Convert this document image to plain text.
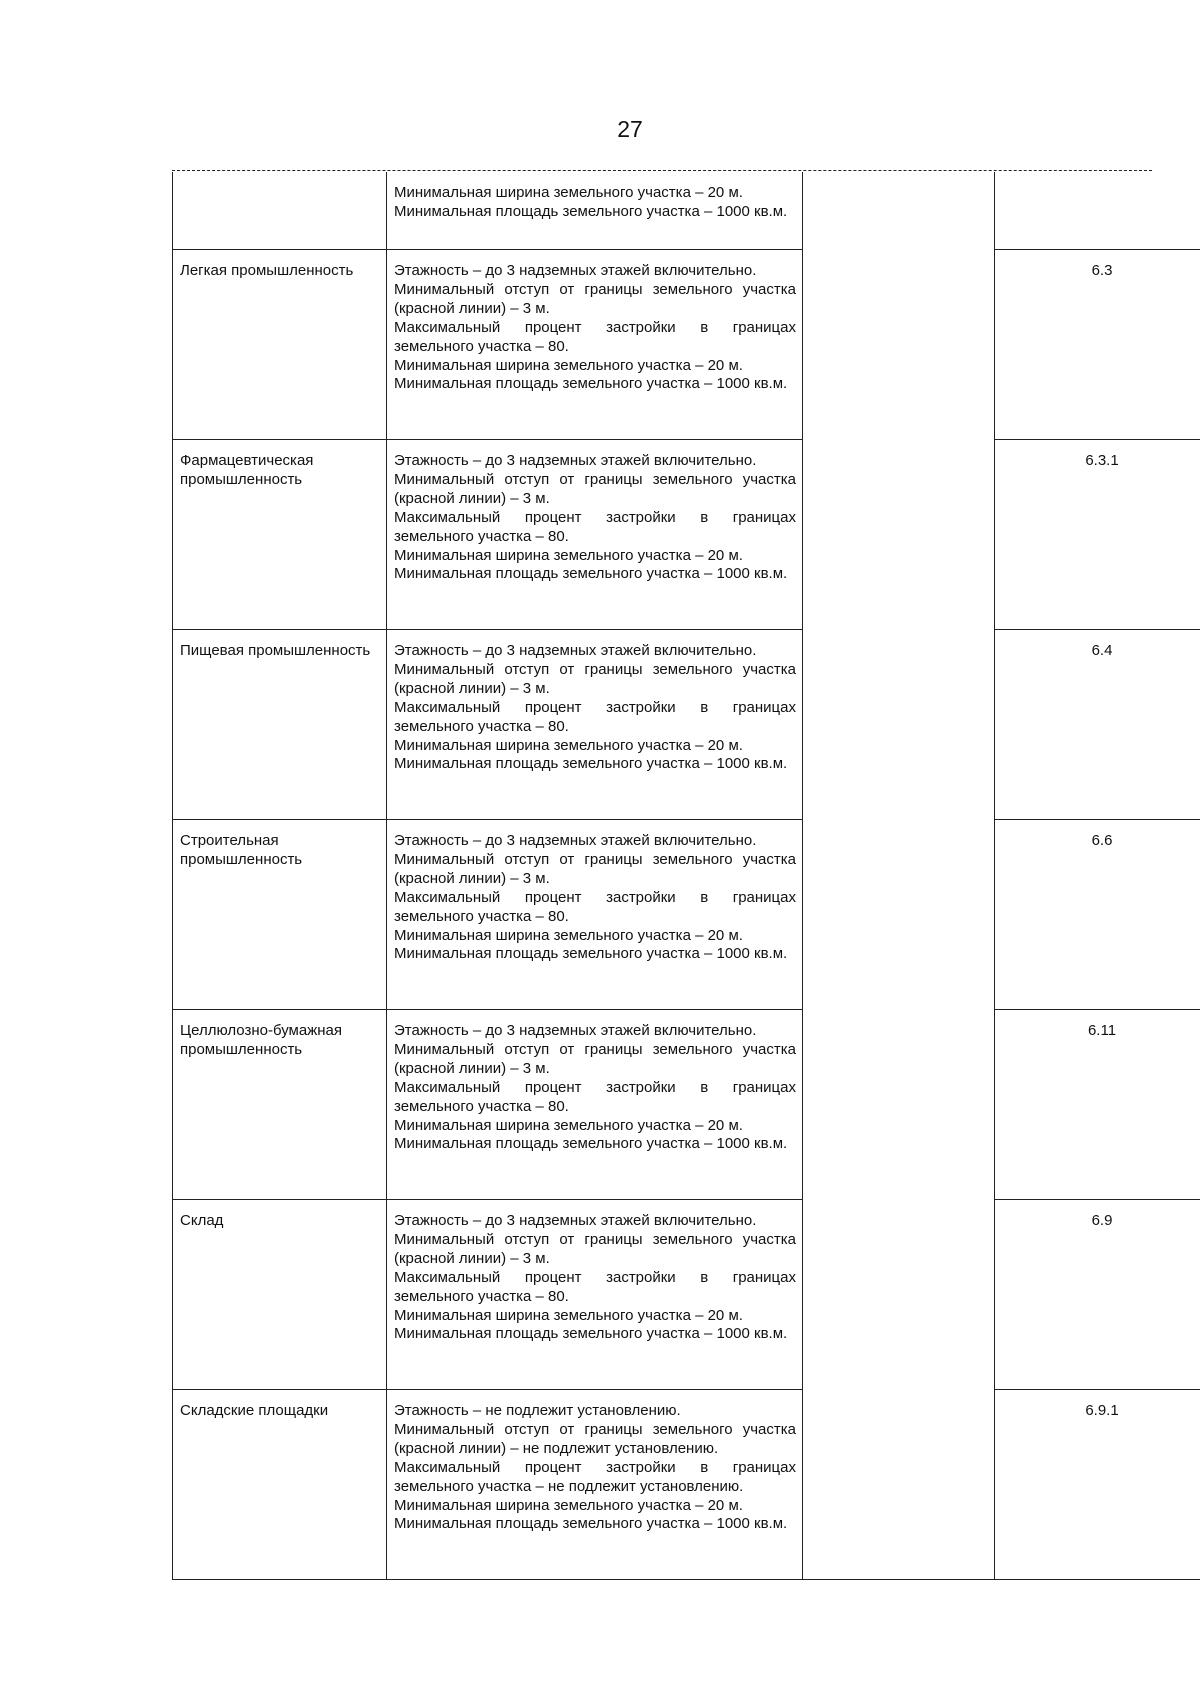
27

	Минимальная ширина земельного участка – 20 м.
Минимальная площадь земельного участка – 1000 кв.м.		

Легкая промышленность	Этажность – до 3 надземных этажей включительно.
Минимальный отступ от границы земельного участка (красной линии) – 3 м.
Максимальный процент застройки в границах земельного участка – 80.
Минимальная ширина земельного участка – 20 м.
Минимальная площадь земельного участка – 1000 кв.м.		6.3
Фармацевтическая промышленность	Этажность – до 3 надземных этажей включительно.
Минимальный отступ от границы земельного участка (красной линии) – 3 м.
Максимальный процент застройки в границах земельного участка – 80.
Минимальная ширина земельного участка – 20 м.
Минимальная площадь земельного участка – 1000 кв.м.		6.3.1
Пищевая промышленность	Этажность – до 3 надземных этажей включительно.
Минимальный отступ от границы земельного участка (красной линии) – 3 м.
Максимальный процент застройки в границах земельного участка – 80.
Минимальная ширина земельного участка – 20 м.
Минимальная площадь земельного участка – 1000 кв.м.		6.4
Строительная промышленность	Этажность – до 3 надземных этажей включительно.
Минимальный отступ от границы земельного участка (красной линии) – 3 м.
Максимальный процент застройки в границах земельного участка – 80.
Минимальная ширина земельного участка – 20 м.
Минимальная площадь земельного участка – 1000 кв.м.		6.6
Целлюлозно-бумажная промышленность	Этажность – до 3 надземных этажей включительно.
Минимальный отступ от границы земельного участка (красной линии) – 3 м.
Максимальный процент застройки в границах земельного участка – 80.
Минимальная ширина земельного участка – 20 м.
Минимальная площадь земельного участка – 1000 кв.м.		6.11
Склад	Этажность – до 3 надземных этажей включительно.
Минимальный отступ от границы земельного участка (красной линии) – 3 м.
Максимальный процент застройки в границах земельного участка – 80.
Минимальная ширина земельного участка – 20 м.
Минимальная площадь земельного участка – 1000 кв.м.		6.9
Складские площадки	Этажность – не подлежит установлению.
Минимальный отступ от границы земельного участка (красной линии) – не подлежит установлению.
Максимальный процент застройки в границах земельного участка – не подлежит установлению.
Минимальная ширина земельного участка – 20 м.
Минимальная площадь земельного участка – 1000 кв.м.		6.9.1
